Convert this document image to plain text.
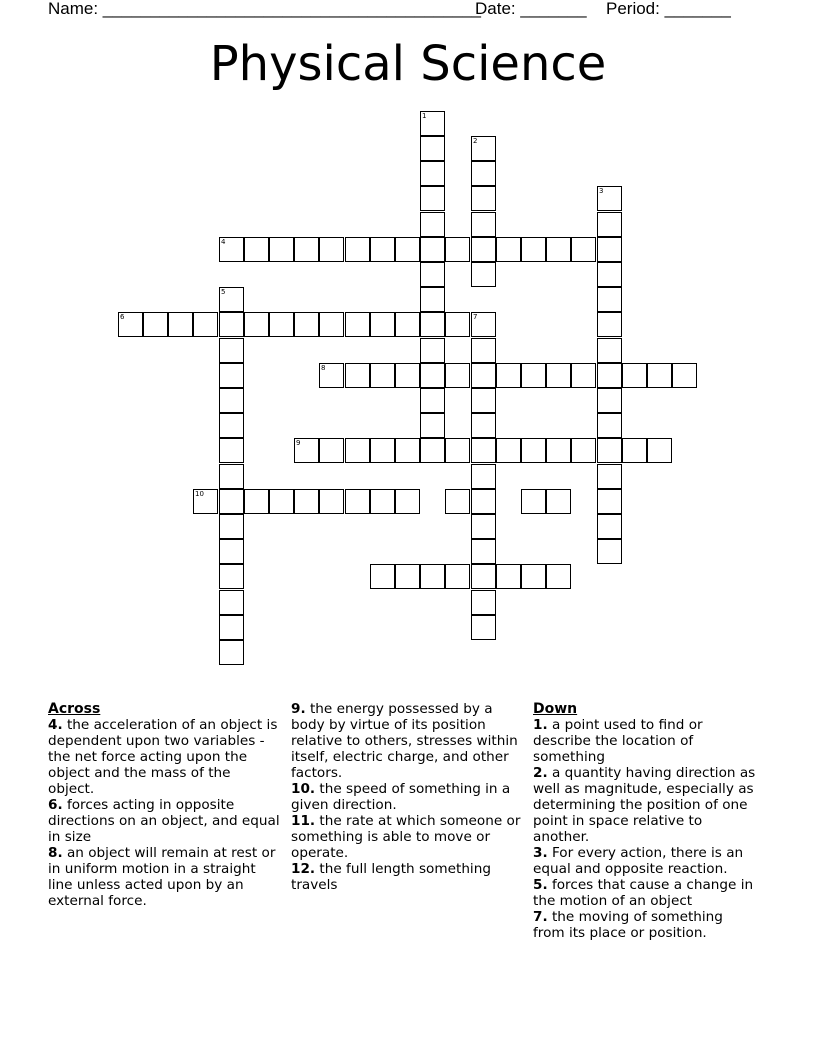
Name: ________________________________________
Date: _______ Period: _______
Physical Science
1
2
3
4
5
6	7
8
9
10
Across

4. the acceleration of an object is dependent upon two variables - the net force acting upon the object and the mass of the object.

6. forces acting in opposite directions on an object, and equal in size

8. an object will remain at rest or in uniform motion in a straight line unless acted upon by an external force.

9. the energy possessed by a body by virtue of its position relative to others, stresses within itself, electric charge, and other factors.

10. the speed of something in a given direction.

11. the rate at which someone or something is able to move or operate.

12. the full length something travels

Down

1. a point used to find or describe the location of something

2. a quantity having direction as well as magnitude, especially as determining the position of one point in space relative to another.

3. For every action, there is an equal and opposite reaction.

5. forces that cause a change in the motion of an object

7. the moving of something from its place or position.
